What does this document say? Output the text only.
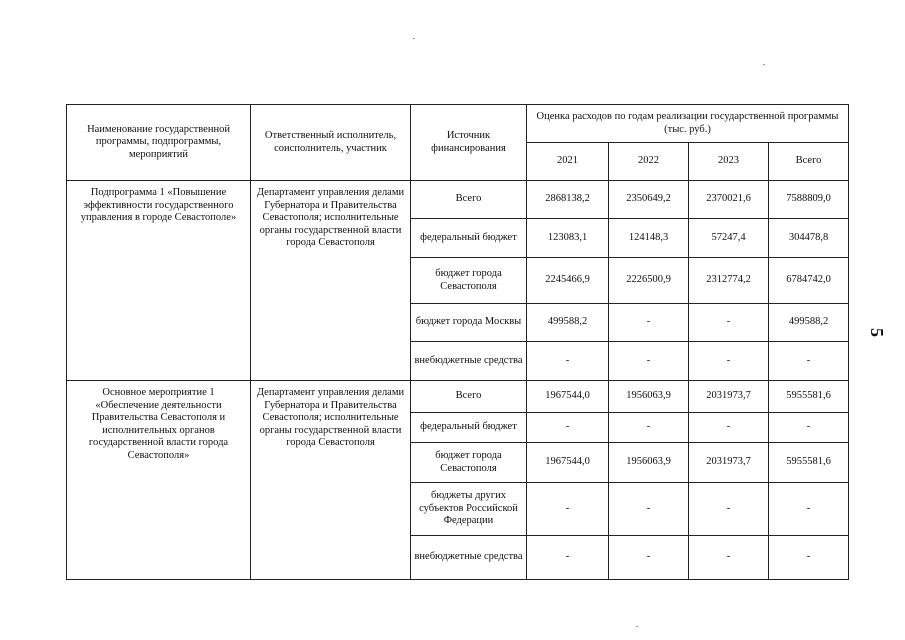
Наименование государственной программы, подпрограммы, мероприятий	Ответственный исполнитель, соисполнитель, участник	Источник финансирования	Оценка расходов по годам реализации государственной программы (тыс. руб.)			
			2021	2022	2023	Всего
Подпрограмма 1 «Повышение эффективности государственного управления в городе Севастополе»	Департамент управления делами Губернатора и Правительства Севастополя; исполнительные органы государственной власти города Севастополя	Всего	2868138,2	2350649,2	2370021,6	7588809,0
		федеральный бюджет	123083,1	124148,3	57247,4	304478,8
		бюджет города Севастополя	2245466,9	2226500,9	2312774,2	6784742,0
		бюджет города Москвы	499588,2	-	-	499588,2
		внебюджетные средства	-	-	-	-
Основное мероприятие 1 «Обеспечение деятельности Правительства Севастополя и исполнительных органов государственной власти города Севастополя»	Департамент управления делами Губернатора и Правительства Севастополя; исполнительные органы государственной власти города Севастополя	Всего	1967544,0	1956063,9	2031973,7	5955581,6
		федеральный бюджет	-	-	-	-
		бюджет города Севастополя	1967544,0	1956063,9	2031973,7	5955581,6
		бюджеты других субъектов Российской Федерации	-	-	-	-
		внебюджетные средства	-	-	-	-
5
